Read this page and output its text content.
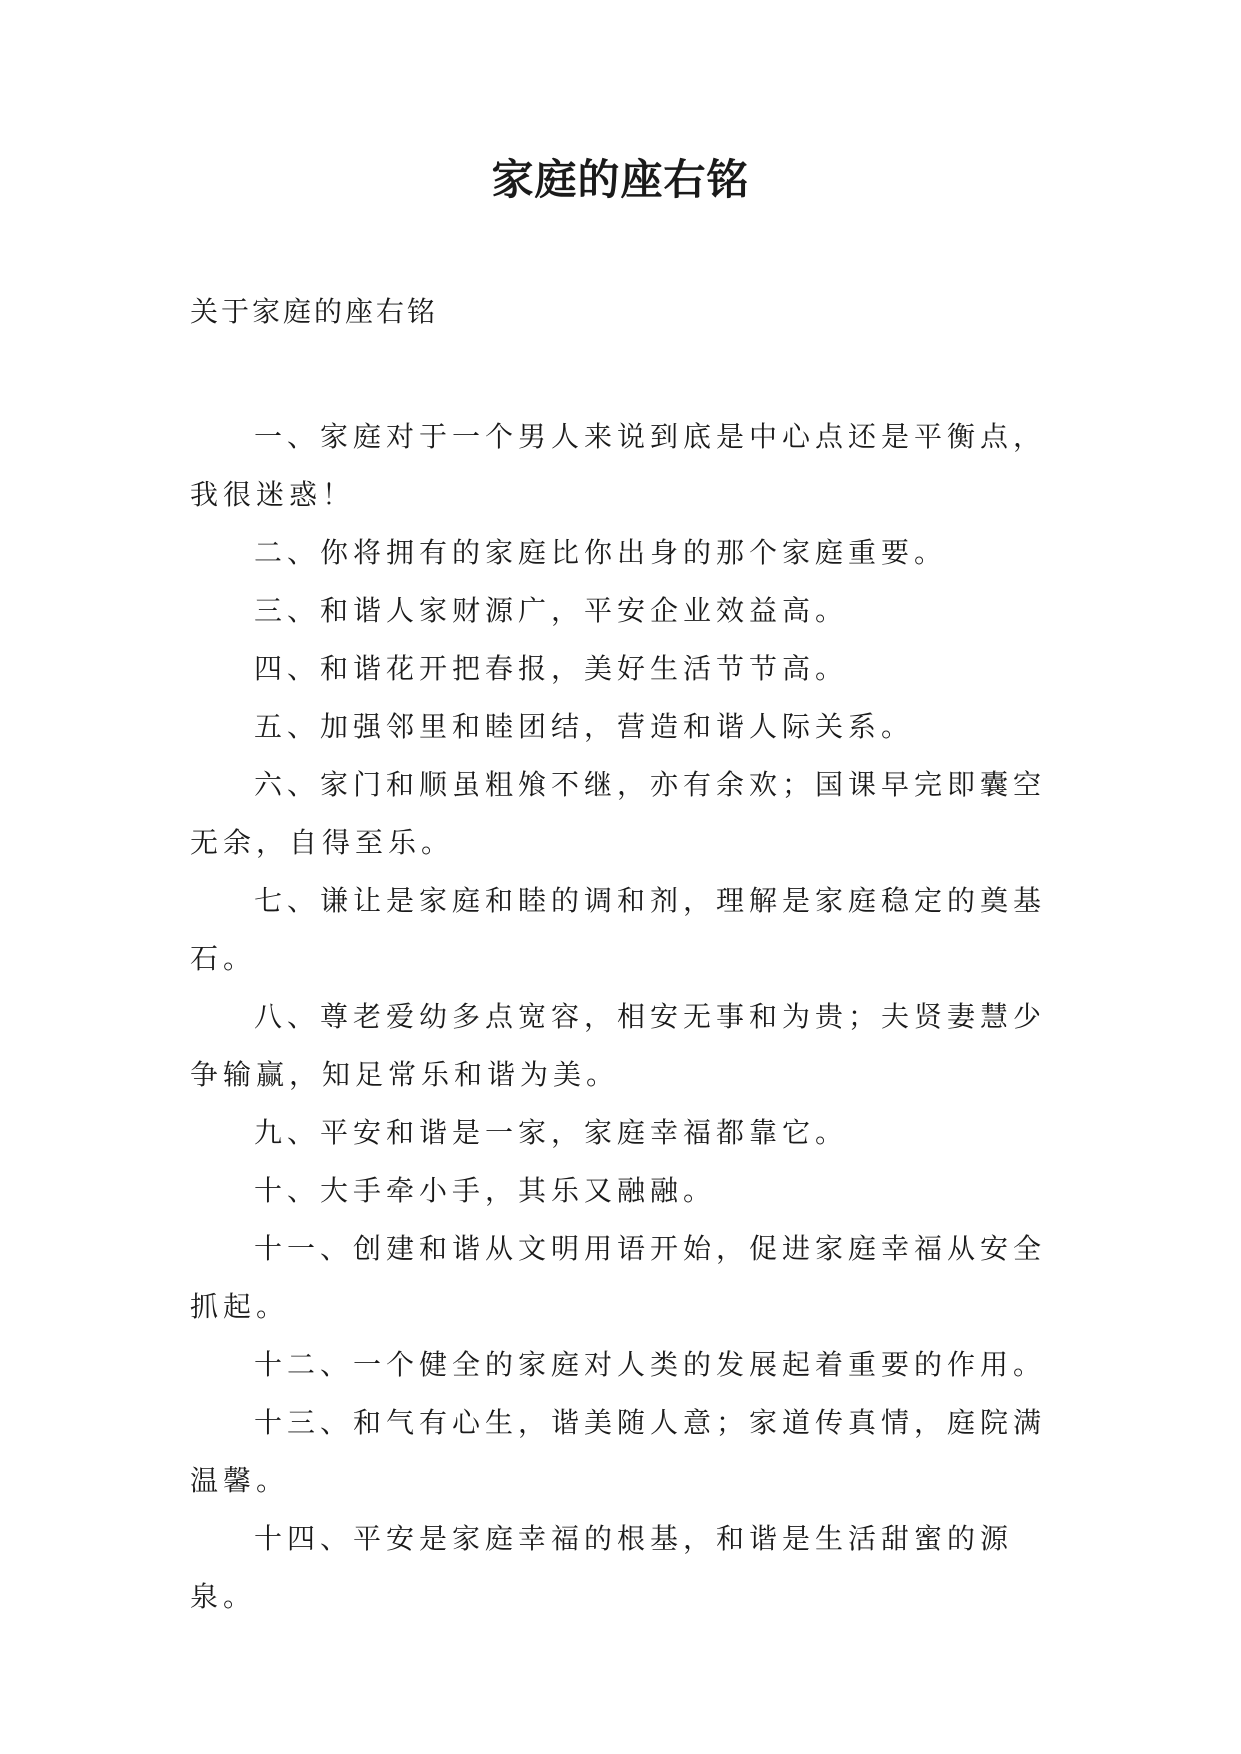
家庭的座右铭

关于家庭的座右铭

一、家庭对于一个男人来说到底是中心点还是平衡点，我很迷惑！

二、你将拥有的家庭比你出身的那个家庭重要。

三、和谐人家财源广，平安企业效益高。

四、和谐花开把春报，美好生活节节高。

五、加强邻里和睦团结，营造和谐人际关系。

六、家门和顺虽粗飧不继，亦有余欢；国课早完即囊空无余，自得至乐。

七、谦让是家庭和睦的调和剂，理解是家庭稳定的奠基石。

八、尊老爱幼多点宽容，相安无事和为贵；夫贤妻慧少争输赢，知足常乐和谐为美。

九、平安和谐是一家，家庭幸福都靠它。

十、大手牵小手，其乐又融融。

十一、创建和谐从文明用语开始，促进家庭幸福从安全抓起。

十二、一个健全的家庭对人类的发展起着重要的作用。

十三、和气有心生，谐美随人意；家道传真情，庭院满温馨。

十四、平安是家庭幸福的根基，和谐是生活甜蜜的源泉。
